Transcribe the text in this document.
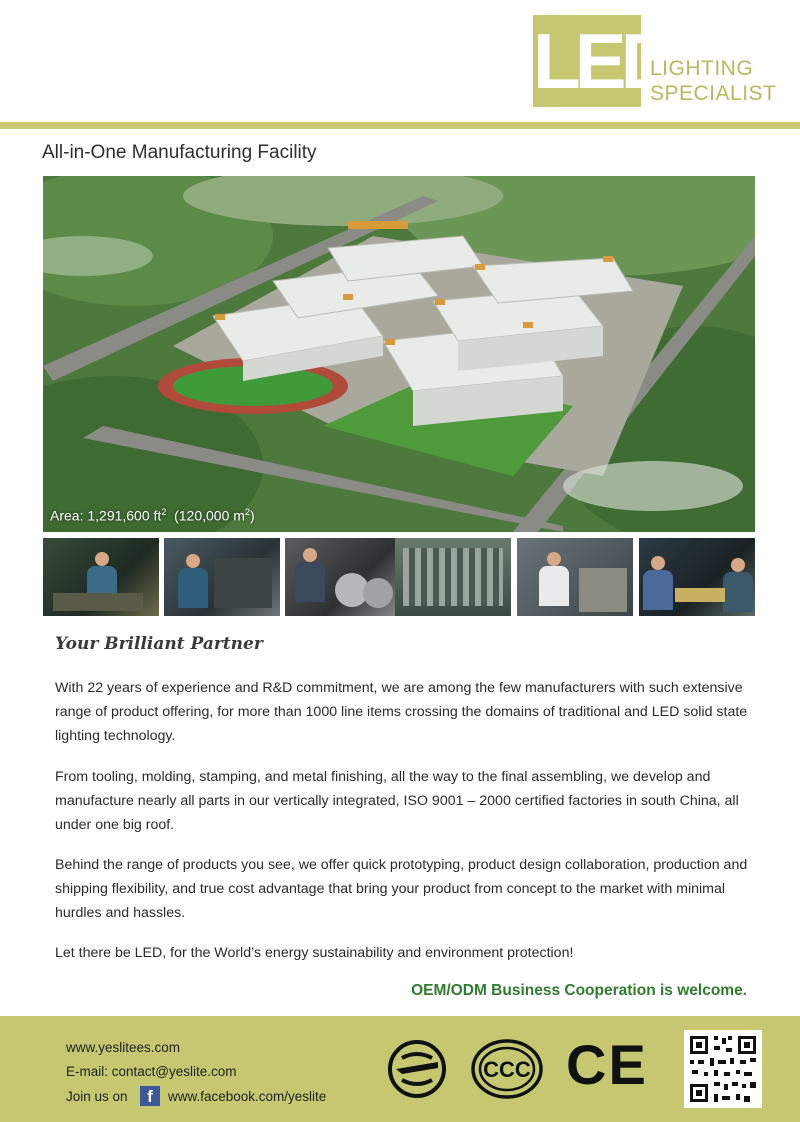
LED
LIGHTING
SPECIALIST
All-in-One Manufacturing Facility
Area: 1,291,600 $ft^2$ (120,000 $m^2$)
Your Brilliant Partner
With 22 years of experience and R&D commitment, we are among the few manufacturers with such extensive range of product offering, for more than 1000 line items crossing the domains of traditional and LED solid state lighting technology.
From tooling, molding, stamping, and metal finishing, all the way to the final assembling, we develop and manufacture nearly all parts in our vertically integrated, ISO 9001 – 2000 certified factories in south China, all under one big roof.
Behind the range of products you see, we offer quick prototyping, product design collaboration, production and shipping flexibility, and true cost advantage that bring your product from concept to the market with minimal hurdles and hassles.
Let there be LED, for the World’s energy sustainability and environment protection!
OEM/ODM Business Cooperation is welcome.
www.yeslitees.com
E-mail: contact@yeslite.com
Join us on	f	www.facebook.com/yeslite
CCC CE
